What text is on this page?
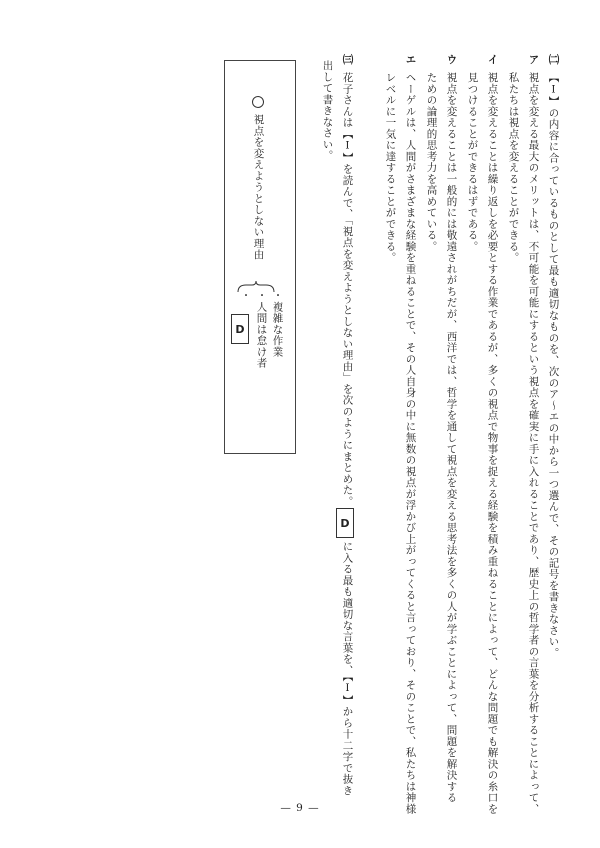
㈡
【Ⅰ】の内容に合っているものとして最も適切なものを、次のア～エの中から一つ選んで、その記号を書きなさい。
ア
視点を変える最大のメリットは、不可能を可能にするという視点を確実に手に入れることであり、歴史上の哲学者の言葉を分析することによって、
私たちは視点を変えることができる。
イ
視点を変えることは繰り返しを必要とする作業であるが、多くの視点で物事を捉える経験を積み重ねることによって、どんな問題でも解決の糸口を
見つけることができるはずである。
ウ
視点を変えることは一般的には敬遠されがちだが、西洋では、哲学を通して視点を変える思考法を多くの人が学ぶことによって、問題を解決する
ための論理的思考力を高めている。
エ
ヘーゲルは、人間がさまざまな経験を重ねることで、その人自身の中に無数の視点が浮かび上がってくると言っており、そのことで、私たちは神様
レベルに一気に達することができる。
㈢
花子さんは【Ⅰ】を読んで、「視点を変えようとしない理由」を次のようにまとめた。
D
に入る最も適切な言葉を、【Ⅰ】から十二字で抜き
出して書きなさい。
視点を変えようとしない理由
・複雑な作業
・人間は怠け者
・
D
— 9 —
